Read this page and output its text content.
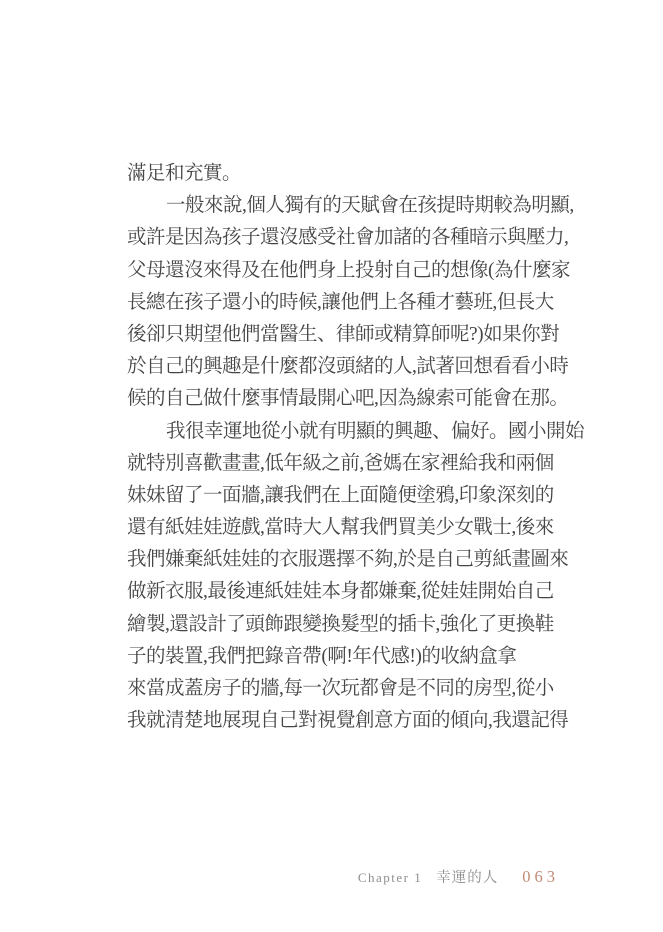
滿足和充實。
一般來說,個人獨有的天賦會在孩提時期較為明顯,
或許是因為孩子還沒感受社會加諸的各種暗示與壓力,
父母還沒來得及在他們身上投射自己的想像(為什麼家
長總在孩子還小的時候,讓他們上各種才藝班,但長大
後卻只期望他們當醫生、律師或精算師呢?)如果你對
於自己的興趣是什麼都沒頭緒的人,試著回想看看小時
候的自己做什麼事情最開心吧,因為線索可能會在那。
我很幸運地從小就有明顯的興趣、偏好。國小開始
就特別喜歡畫畫,低年級之前,爸媽在家裡給我和兩個
妹妹留了一面牆,讓我們在上面隨便塗鴉,印象深刻的
還有紙娃娃遊戲,當時大人幫我們買美少女戰士,後來
我們嫌棄紙娃娃的衣服選擇不夠,於是自己剪紙畫圖來
做新衣服,最後連紙娃娃本身都嫌棄,從娃娃開始自己
繪製,還設計了頭飾跟變換髮型的插卡,強化了更換鞋
子的裝置,我們把錄音帶(啊!年代感!)的收納盒拿
來當成蓋房子的牆,每一次玩都會是不同的房型,從小
我就清楚地展現自己對視覺創意方面的傾向,我還記得
Chapter 1 幸運的人 063
